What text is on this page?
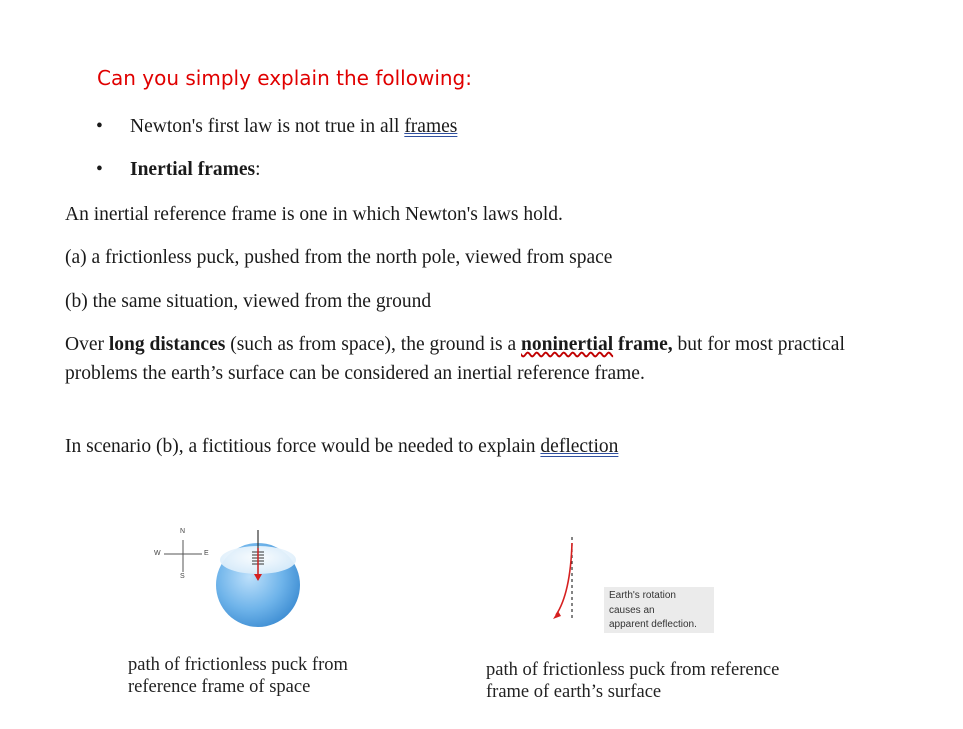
Can you simply explain the following:
• Newton's first law is not true in all frames
• Inertial frames:

An inertial reference frame is one in which Newton's laws hold.

(a) a frictionless puck, pushed from the north pole, viewed from space

(b) the same situation, viewed from the ground

Over long distances (such as from space), the ground is a noninertial frame, but for most practical problems the earth’s surface can be considered an inertial reference frame.

In scenario (b), a fictitious force would be needed to explain deflection

N
S
W	E
Earth's rotation
causes an
apparent deflection.
path of frictionless puck from
reference frame of space
path of frictionless puck from reference
frame of earth’s surface
